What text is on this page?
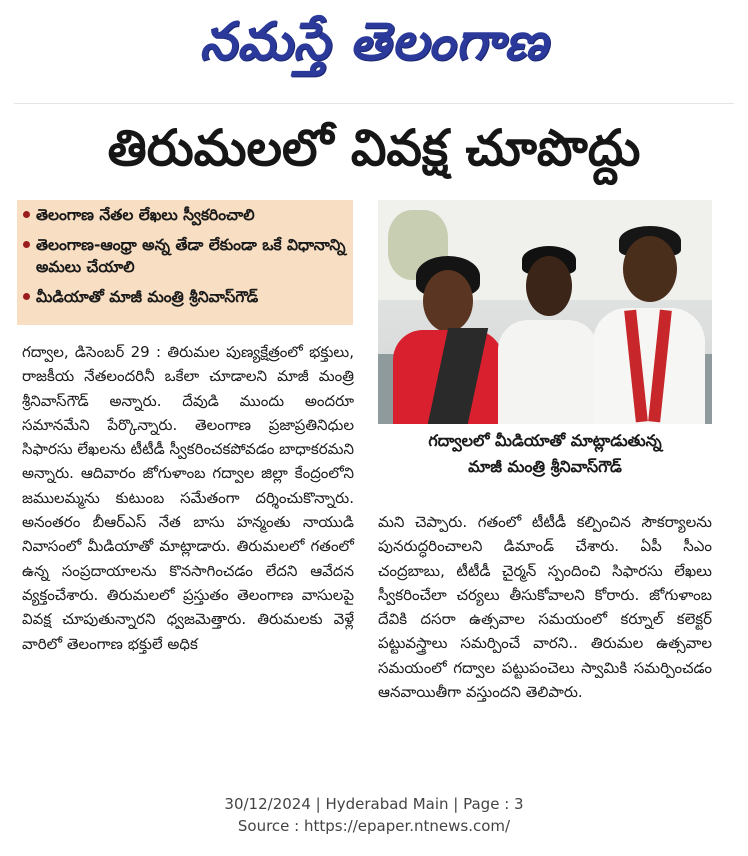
నమస్తే తెలంగాణ
తిరుమలలో వివక్ష చూపొద్దు
తెలంగాణ నేతల లేఖలు స్వీకరించాలి
తెలంగాణ-ఆంధ్రా అన్న తేడా లేకుండా ఒకే విధానాన్ని అమలు చేయాలి
మీడియాతో మాజీ మంత్రి శ్రీనివాస్‌గౌడ్

గద్వాల, డిసెంబర్ 29 : తిరుమల పుణ్యక్షేత్రంలో భక్తులు, రాజకీయ నేతలందరినీ ఒకేలా చూడాలని మాజీ మంత్రి శ్రీనివాస్‌గౌడ్ అన్నారు. దేవుడి ముందు అందరూ సమానమేని పేర్కొన్నారు. తెలంగాణ ప్రజాప్రతినిధుల సిఫారసు లేఖలను టీటీడీ స్వీకరించకపోవడం బాధాకరమని అన్నారు. ఆదివారం జోగుళాంబ గద్వాల జిల్లా కేంద్రంలోని జములమ్మను కుటుంబ సమేతంగా దర్శించుకొన్నారు. అనంతరం బీఆర్‌ఎస్ నేత బాసు హన్మంతు నాయుడి నివాసంలో మీడియాతో మాట్లాడారు. తిరుమలలో గతంలో ఉన్న సంప్రదాయాలను కొనసాగించడం లేదని ఆవేదన వ్యక్తంచేశారు. తిరుమలలో ప్రస్తుతం తెలంగాణ వాసులపై వివక్ష చూపుతున్నారని ధ్వజమెత్తారు. తిరుమలకు వెళ్లే వారిలో తెలంగాణ భక్తులే అధిక

గద్వాలలో మీడియాతో మాట్లాడుతున్న
మాజీ మంత్రి శ్రీనివాస్‌గౌడ్

మని చెప్పారు. గతంలో టీటీడీ కల్పించిన సౌకర్యాలను పునరుద్ధరించాలని డిమాండ్ చేశారు. ఏపీ సీఎం చంద్రబాబు, టీటీడీ చైర్మన్ స్పందించి సిఫారసు లేఖలు స్వీకరించేలా చర్యలు తీసుకోవాలని కోరారు. జోగుళాంబ దేవికి దసరా ఉత్సవాల సమయంలో కర్నూల్ కలెక్టర్ పట్టువస్త్రాలు సమర్పించే వారని.. తిరుమల ఉత్సవాల సమయంలో గద్వాల పట్టుపంచెలు స్వామికి సమర్పించడం ఆనవాయితీగా వస్తుందని తెలిపారు.

30/12/2024 | Hyderabad Main | Page : 3
Source : https://epaper.ntnews.com/
